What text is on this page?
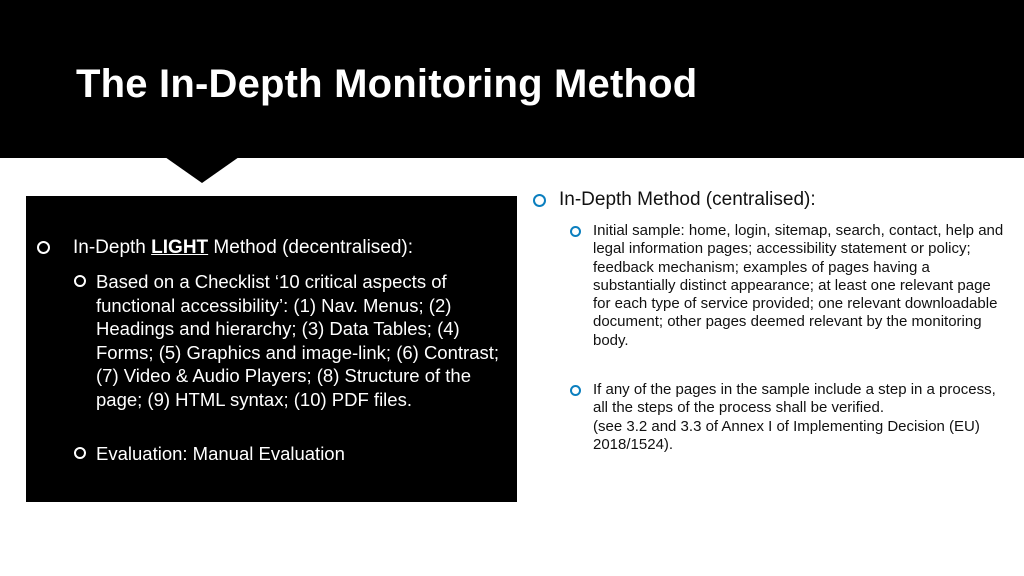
The In-Depth Monitoring Method
In-Depth LIGHT Method (decentralised):
Based on a Checklist ‘10 critical aspects of functional accessibility’: (1) Nav. Menus; (2) Headings and hierarchy; (3) Data Tables; (4) Forms; (5) Graphics and image-link; (6) Contrast; (7) Video & Audio Players; (8) Structure of the page; (9) HTML syntax; (10) PDF files.
Evaluation: Manual Evaluation
In-Depth Method (centralised):
Initial sample: home, login, sitemap, search, contact, help and legal information pages; accessibility statement or policy; feedback mechanism; examples of pages having a substantially distinct appearance; at least one relevant page for each type of service provided; one relevant downloadable document; other pages deemed relevant by the monitoring body.
If any of the pages in the sample include a step in a process, all the steps of the process shall be verified.
(see 3.2 and 3.3 of Annex I of Implementing Decision (EU) 2018/1524).
